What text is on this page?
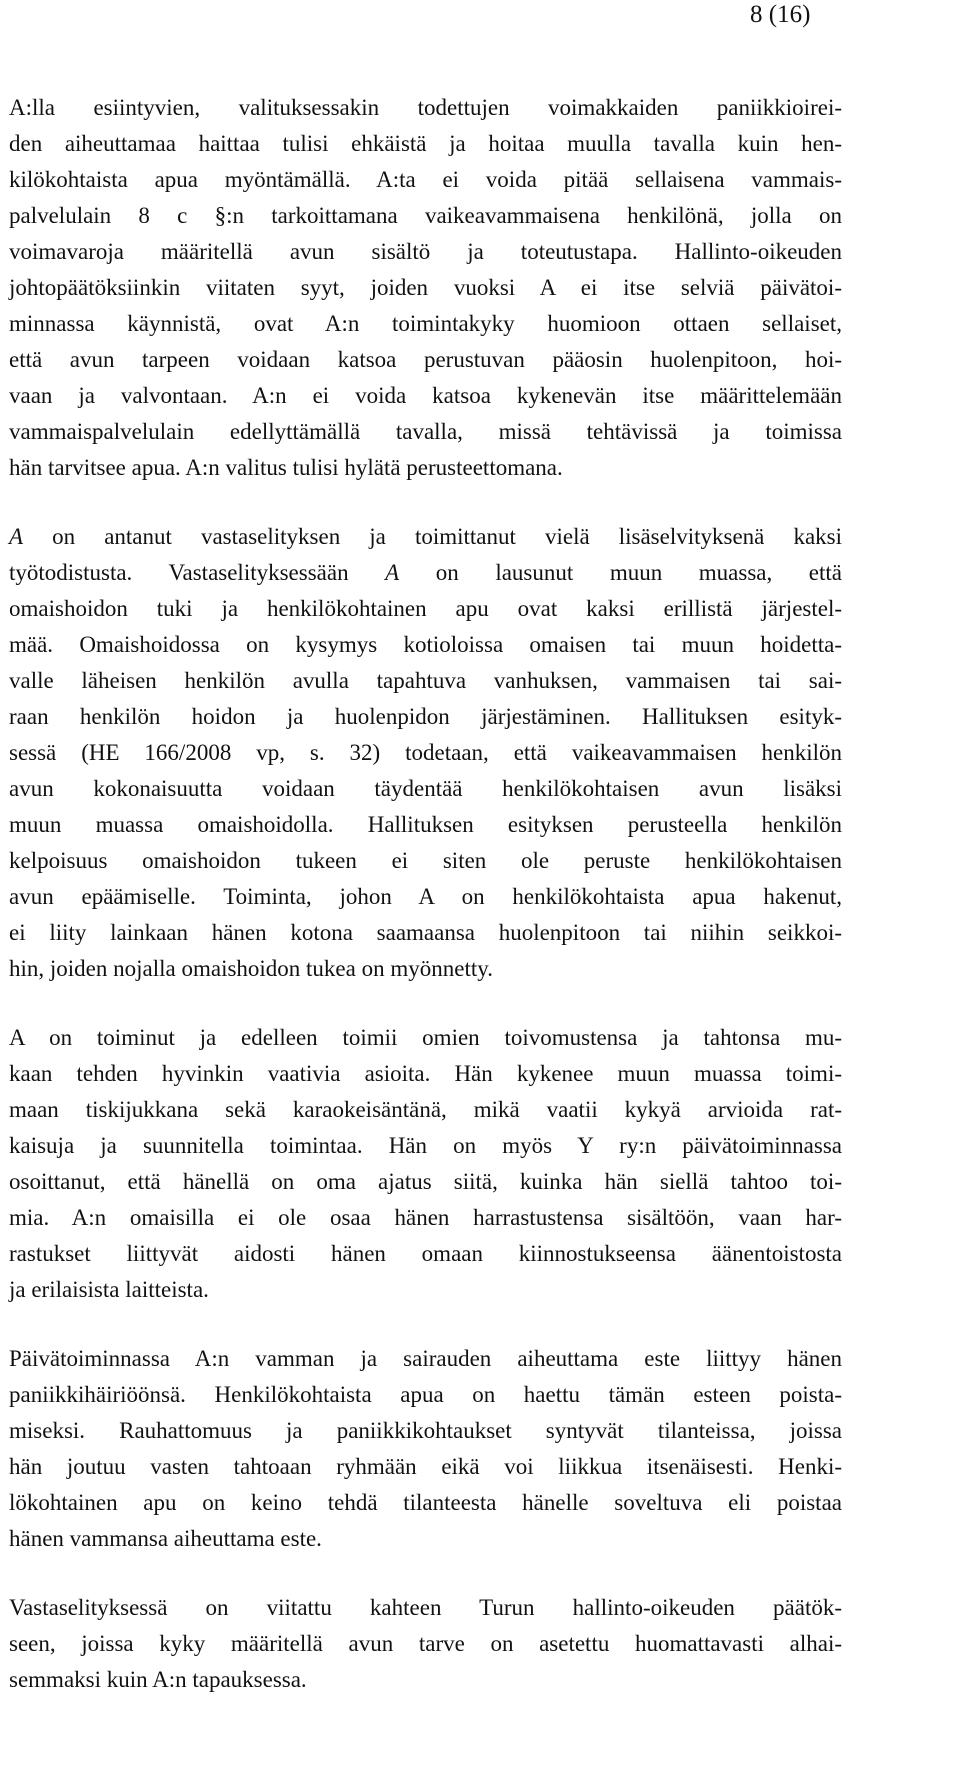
8 (16)
A:lla esiintyvien, valituksessakin todettujen voimakkaiden paniikkioirei-
den aiheuttamaa haittaa tulisi ehkäistä ja hoitaa muulla tavalla kuin hen-
kilökohtaista apua myöntämällä. A:ta ei voida pitää sellaisena vammais-
palvelulain 8 c §:n tarkoittamana vaikeavammaisena henkilönä, jolla on
voimavaroja määritellä avun sisältö ja toteutustapa. Hallinto-oikeuden
johtopäätöksiinkin viitaten syyt, joiden vuoksi A ei itse selviä päivätoi-
minnassa käynnistä, ovat A:n toimintakyky huomioon ottaen sellaiset,
että avun tarpeen voidaan katsoa perustuvan pääosin huolenpitoon, hoi-
vaan ja valvontaan. A:n ei voida katsoa kykenevän itse määrittelemään
vammaispalvelulain edellyttämällä tavalla, missä tehtävissä ja toimissa
hän tarvitsee apua. A:n valitus tulisi hylätä perusteettomana.
A on antanut vastaselityksen ja toimittanut vielä lisäselvityksenä kaksi
työtodistusta. Vastaselityksessään A on lausunut muun muassa, että
omaishoidon tuki ja henkilökohtainen apu ovat kaksi erillistä järjestel-
mää. Omaishoidossa on kysymys kotioloissa omaisen tai muun hoidetta-
valle läheisen henkilön avulla tapahtuva vanhuksen, vammaisen tai sai-
raan henkilön hoidon ja huolenpidon järjestäminen. Hallituksen esityk-
sessä (HE 166/2008 vp, s. 32) todetaan, että vaikeavammaisen henkilön
avun kokonaisuutta voidaan täydentää henkilökohtaisen avun lisäksi
muun muassa omaishoidolla. Hallituksen esityksen perusteella henkilön
kelpoisuus omaishoidon tukeen ei siten ole peruste henkilökohtaisen
avun epäämiselle. Toiminta, johon A on henkilökohtaista apua hakenut,
ei liity lainkaan hänen kotona saamaansa huolenpitoon tai niihin seikkoi-
hin, joiden nojalla omaishoidon tukea on myönnetty.
A on toiminut ja edelleen toimii omien toivomustensa ja tahtonsa mu-
kaan tehden hyvinkin vaativia asioita. Hän kykenee muun muassa toimi-
maan tiskijukkana sekä karaokeisäntänä, mikä vaatii kykyä arvioida rat-
kaisuja ja suunnitella toimintaa. Hän on myös Y ry:n päivätoiminnassa
osoittanut, että hänellä on oma ajatus siitä, kuinka hän siellä tahtoo toi-
mia. A:n omaisilla ei ole osaa hänen harrastustensa sisältöön, vaan har-
rastukset liittyvät aidosti hänen omaan kiinnostukseensa äänentoistosta
ja erilaisista laitteista.
Päivätoiminnassa A:n vamman ja sairauden aiheuttama este liittyy hänen
paniikkihäiriöönsä. Henkilökohtaista apua on haettu tämän esteen poista-
miseksi. Rauhattomuus ja paniikkikohtaukset syntyvät tilanteissa, joissa
hän joutuu vasten tahtoaan ryhmään eikä voi liikkua itsenäisesti. Henki-
lökohtainen apu on keino tehdä tilanteesta hänelle soveltuva eli poistaa
hänen vammansa aiheuttama este.
Vastaselityksessä on viitattu kahteen Turun hallinto-oikeuden päätök-
seen, joissa kyky määritellä avun tarve on asetettu huomattavasti alhai-
semmaksi kuin A:n tapauksessa.
